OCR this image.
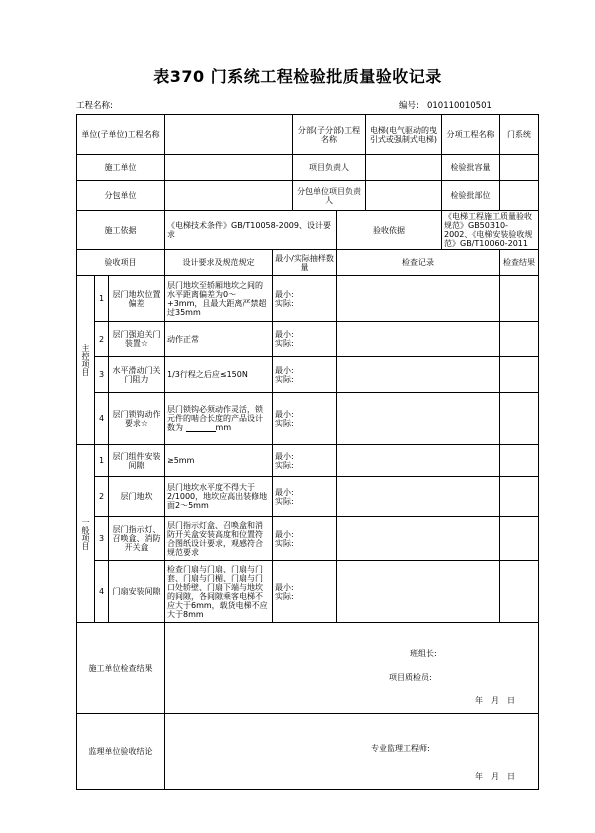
表370 门系统工程检验批质量验收记录
工程名称:	编号: 010110010501
单位(子单位)工程名称					分部(子分部)工程名称		电梯(电气驱动的曳引式或强制式电梯)	分项工程名称	门系统
施工单位					项目负责人			检验批容量	
分包单位					分包单位项目负责人			检验批部位	
施工依据			《电梯技术条件》GB/T10058-2009、设计要求			验收依据		《电梯工程施工质量验收规范》GB50310-2002、《电梯安装验收规范》GB/T10060-2011	
验收项目			设计要求及规范规定	最小/实际抽样数量		检查记录			检查结果

主控项目	1	层门地坎位置偏差	层门地坎至轿厢地坎之间的水平距离偏差为0～+3mm，且最大距离严禁超过35mm	最小:
实际:					
	2	层门强迫关门装置☆	动作正常	最小:
实际:					
	3	水平滑动门关门阻力	1/3行程之后应≤150N	最小:
实际:					
	4	层门锁钩动作要求☆	层门锁钩必须动作灵活，锁元件的啮合长度的产品设计数为 mm	最小:
实际:					

一般项目	1	层门组件安装间隙	≥5mm	最小:
实际:					
	2	层门地坎	层门地坎水平度不得大于2/1000，地坎应高出装修地面2～5mm	最小:
实际:					
	3	层门指示灯、召唤盒、消防开关盒	层门指示灯盒、召唤盒和消防开关盒安装高度和位置符合图纸设计要求，观感符合规范要求	最小:
实际:					
	4	门扇安装间隙	检查门扇与门扇、门扇与门套、门扇与门楣、门扇与门口处轿壁、门扇下端与地坎的间隙，各间隙乘客电梯不应大于6mm，载货电梯不应大于8mm	最小:
实际:					
施工单位检查结果			班组长:
项目质检员:
年　月　日						

监理单位验收结论			专业监理工程师:
年　月　日						
